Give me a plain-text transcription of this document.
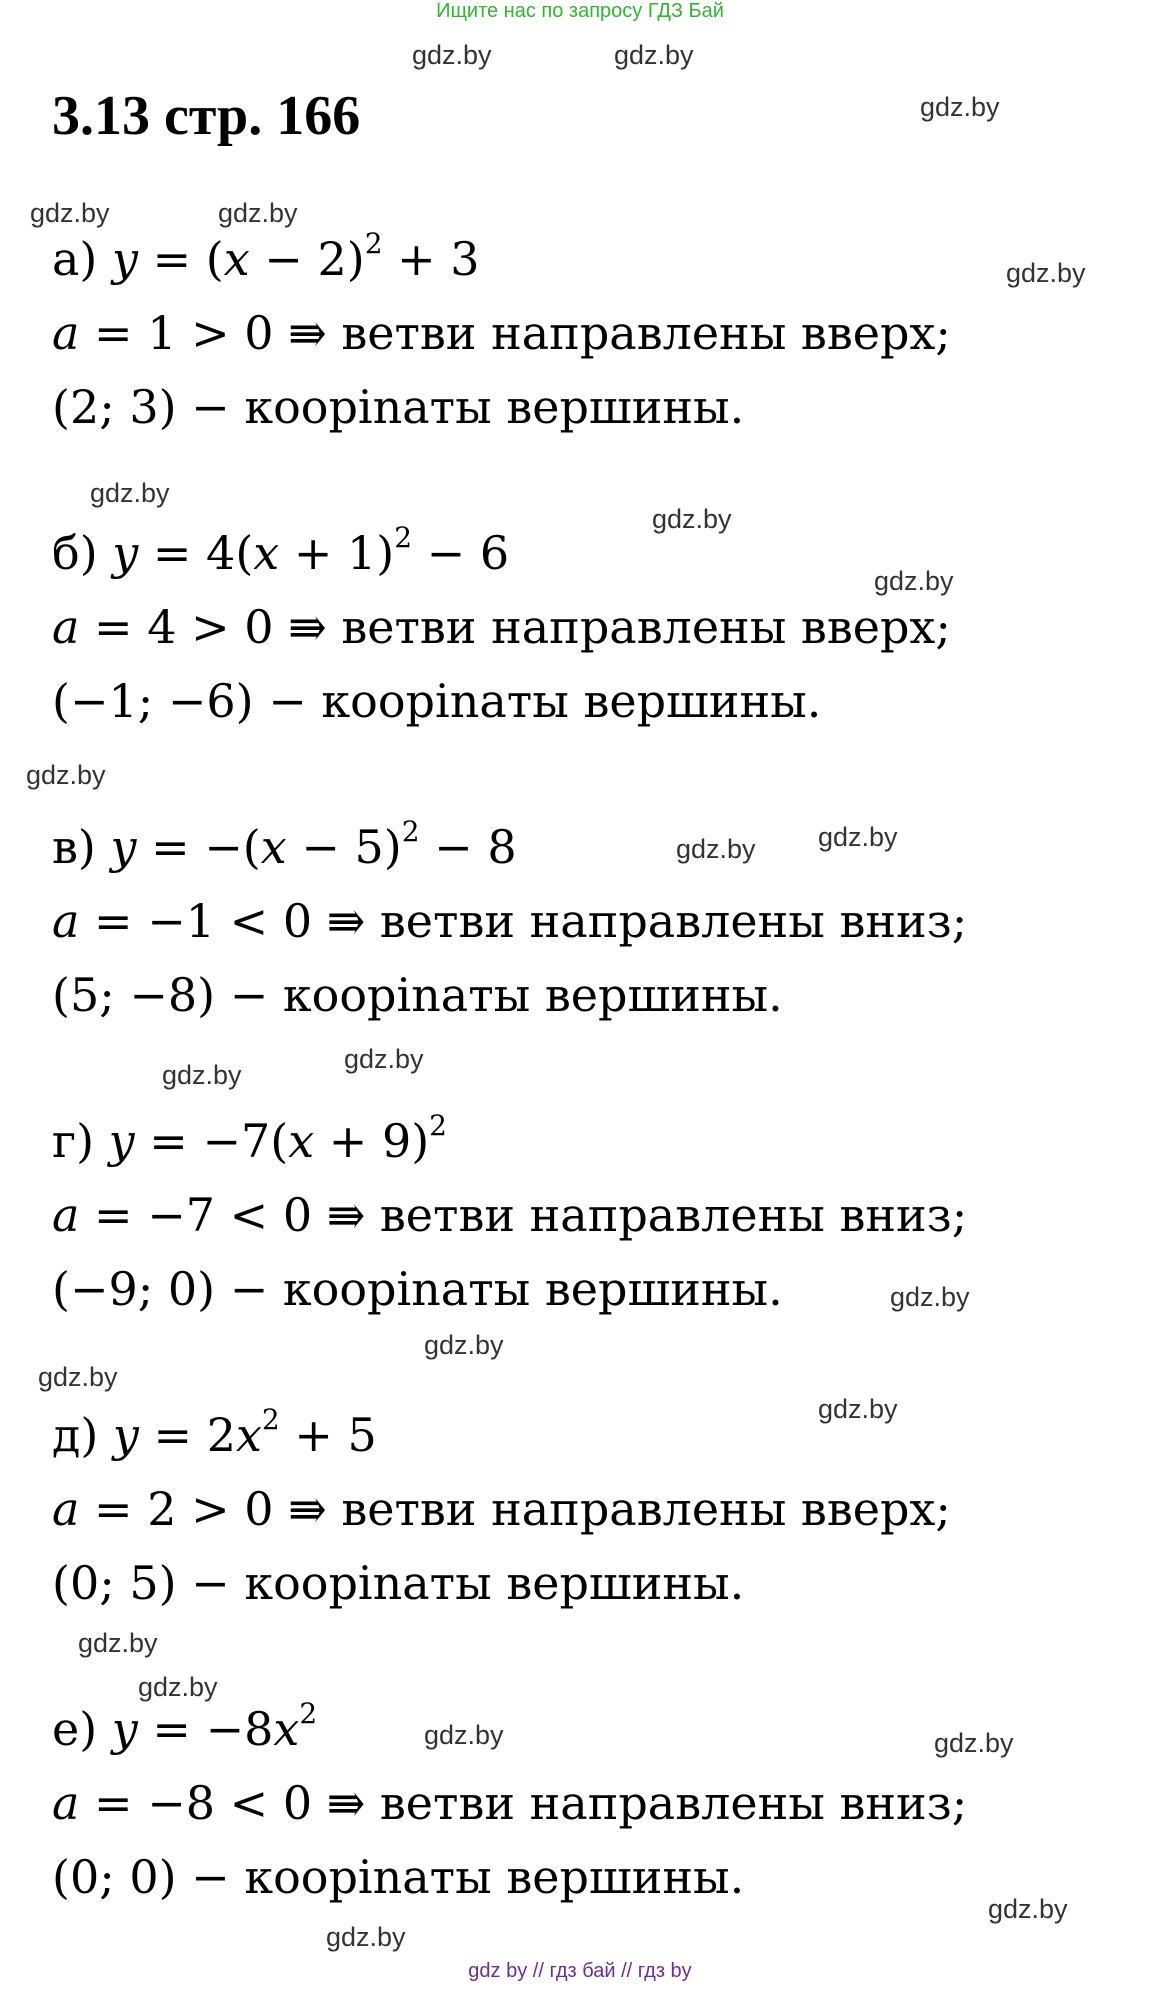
Ищите нас по запросу ГДЗ Бай
3.13 стр. 166
а) $y = (x - 2)^2 + 3$
a = 1 > 0 ⇛ ветви направлены вверх;
(2; 3) − коорinаты вершины.
б) $y = 4(x + 1)^2 - 6$
a = 4 > 0 ⇛ ветви направлены вверх;
(−1; −6) − коорinаты вершины.
в) $y = -(x - 5)^2 - 8$
a = −1 < 0 ⇛ ветви направлены вниз;
(5; −8) − коорinаты вершины.
г) $y = -7(x + 9)^2$
a = −7 < 0 ⇛ ветви направлены вниз;
(−9; 0) − коорinаты вершины.
д) $y = 2x^2 + 5$
a = 2 > 0 ⇛ ветви направлены вверх;
(0; 5) − коорinаты вершины.
е) $y = -8x^2$
a = −8 < 0 ⇛ ветви направлены вниз;
(0; 0) − коорinаты вершины.
gdz.by	gdz.by
gdz.by
gdz.by	gdz.by
gdz.by
gdz.by
gdz.by
gdz.by
gdz.by
gdz.by gdz.by
gdz.by
gdz.by
gdz.by
gdz.by
gdz.by
gdz.by
gdz.by
gdz.by
gdz.by	gdz.by
gdz.by
gdz.by
gdz by // гдз бай // гдз by
